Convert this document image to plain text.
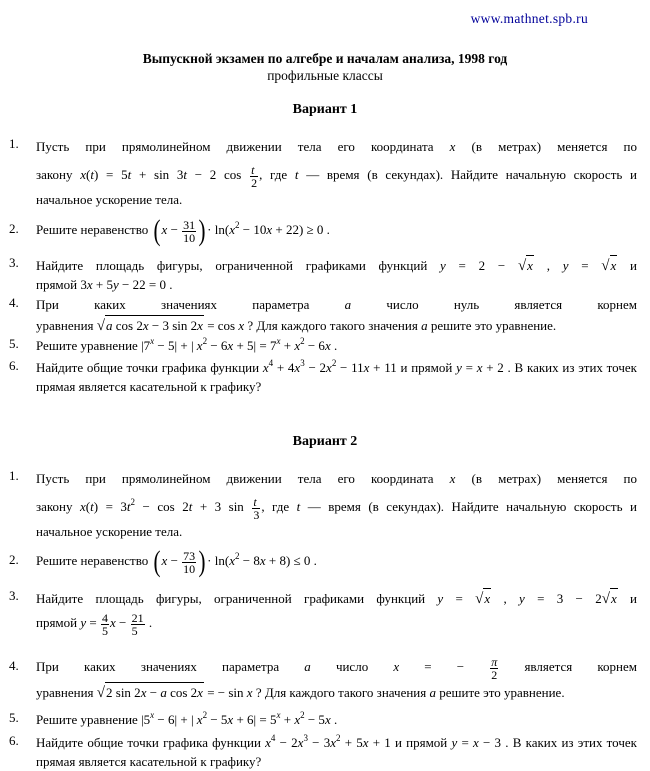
www.mathnet.spb.ru
Выпускной экзамен по алгебре и началам анализа, 1998 год
профильные классы
Вариант 1
1.	Пусть при прямолинейном движении тела его координата x (в метрах) меняется по
закону x(t) = 5t + sin 3t − 2 $\cos \frac{t}{2}$ , где t — время (в секундах). Найдите начальную скорость и
начальное ускорение тела.
2.	Решите неравенство ( $x - \frac{31}{10}$ ) · $\ln(x^2 - 10x + 22) \ge 0$ .
3.	Найдите площадь фигуры, ограниченной графиками функций y = 2 − √x , y = √x и
прямой 3x + 5y − 22 = 0 .
4.	При каких значениях параметра a число нуль является корнем
уравнения √a cos 2x − 3 sin 2x = cos x ? Для каждого такого значения a решите это уравнение.
5.	Решите уравнение $|7^x - 5|$ + | $x^2 - 6x + 5| = 7^x + x^2 - 6x$ .
6.	Найдите общие точки графика функции $x^4 + 4x^3 - 2x^2 - 11x + 11$ и прямой y = x + 2 . В каких из этих точек прямая является касательной к графику?
Вариант 2
1.	Пусть при прямолинейном движении тела его координата x (в метрах) меняется по
закону $x(t) = 3t^2 - \cos 2t + 3$ $\sin \frac{t}{3}$ , где t — время (в секундах). Найдите начальную скорость и
начальное ускорение тела.
2.	Решите неравенство ( $x - \frac{73}{10}$ ) · $\ln(x^2 - 8x + 8) \le 0$ .
3.	Найдите площадь фигуры, ограниченной графиками функций y = √x , y = 3 − 2√x и
прямой $y = \frac{4}{5}$ $x - \frac{21}{5}$ .
4.	При каких значениях параметра a число x = − $\frac{\pi}{2}$ является корнем
уравнения √2 sin 2x − a cos 2x = − sin x ? Для каждого такого значения a решите это уравнение.
5.	Решите уравнение $|5^x - 6|$ + | $x^2 - 5x + 6| = 5^x + x^2 - 5x$ .
6.	Найдите общие точки графика функции $x^4 - 2x^3 - 3x^2 + 5x + 1$ и прямой y = x − 3 . В каких из этих точек прямая является касательной к графику?
